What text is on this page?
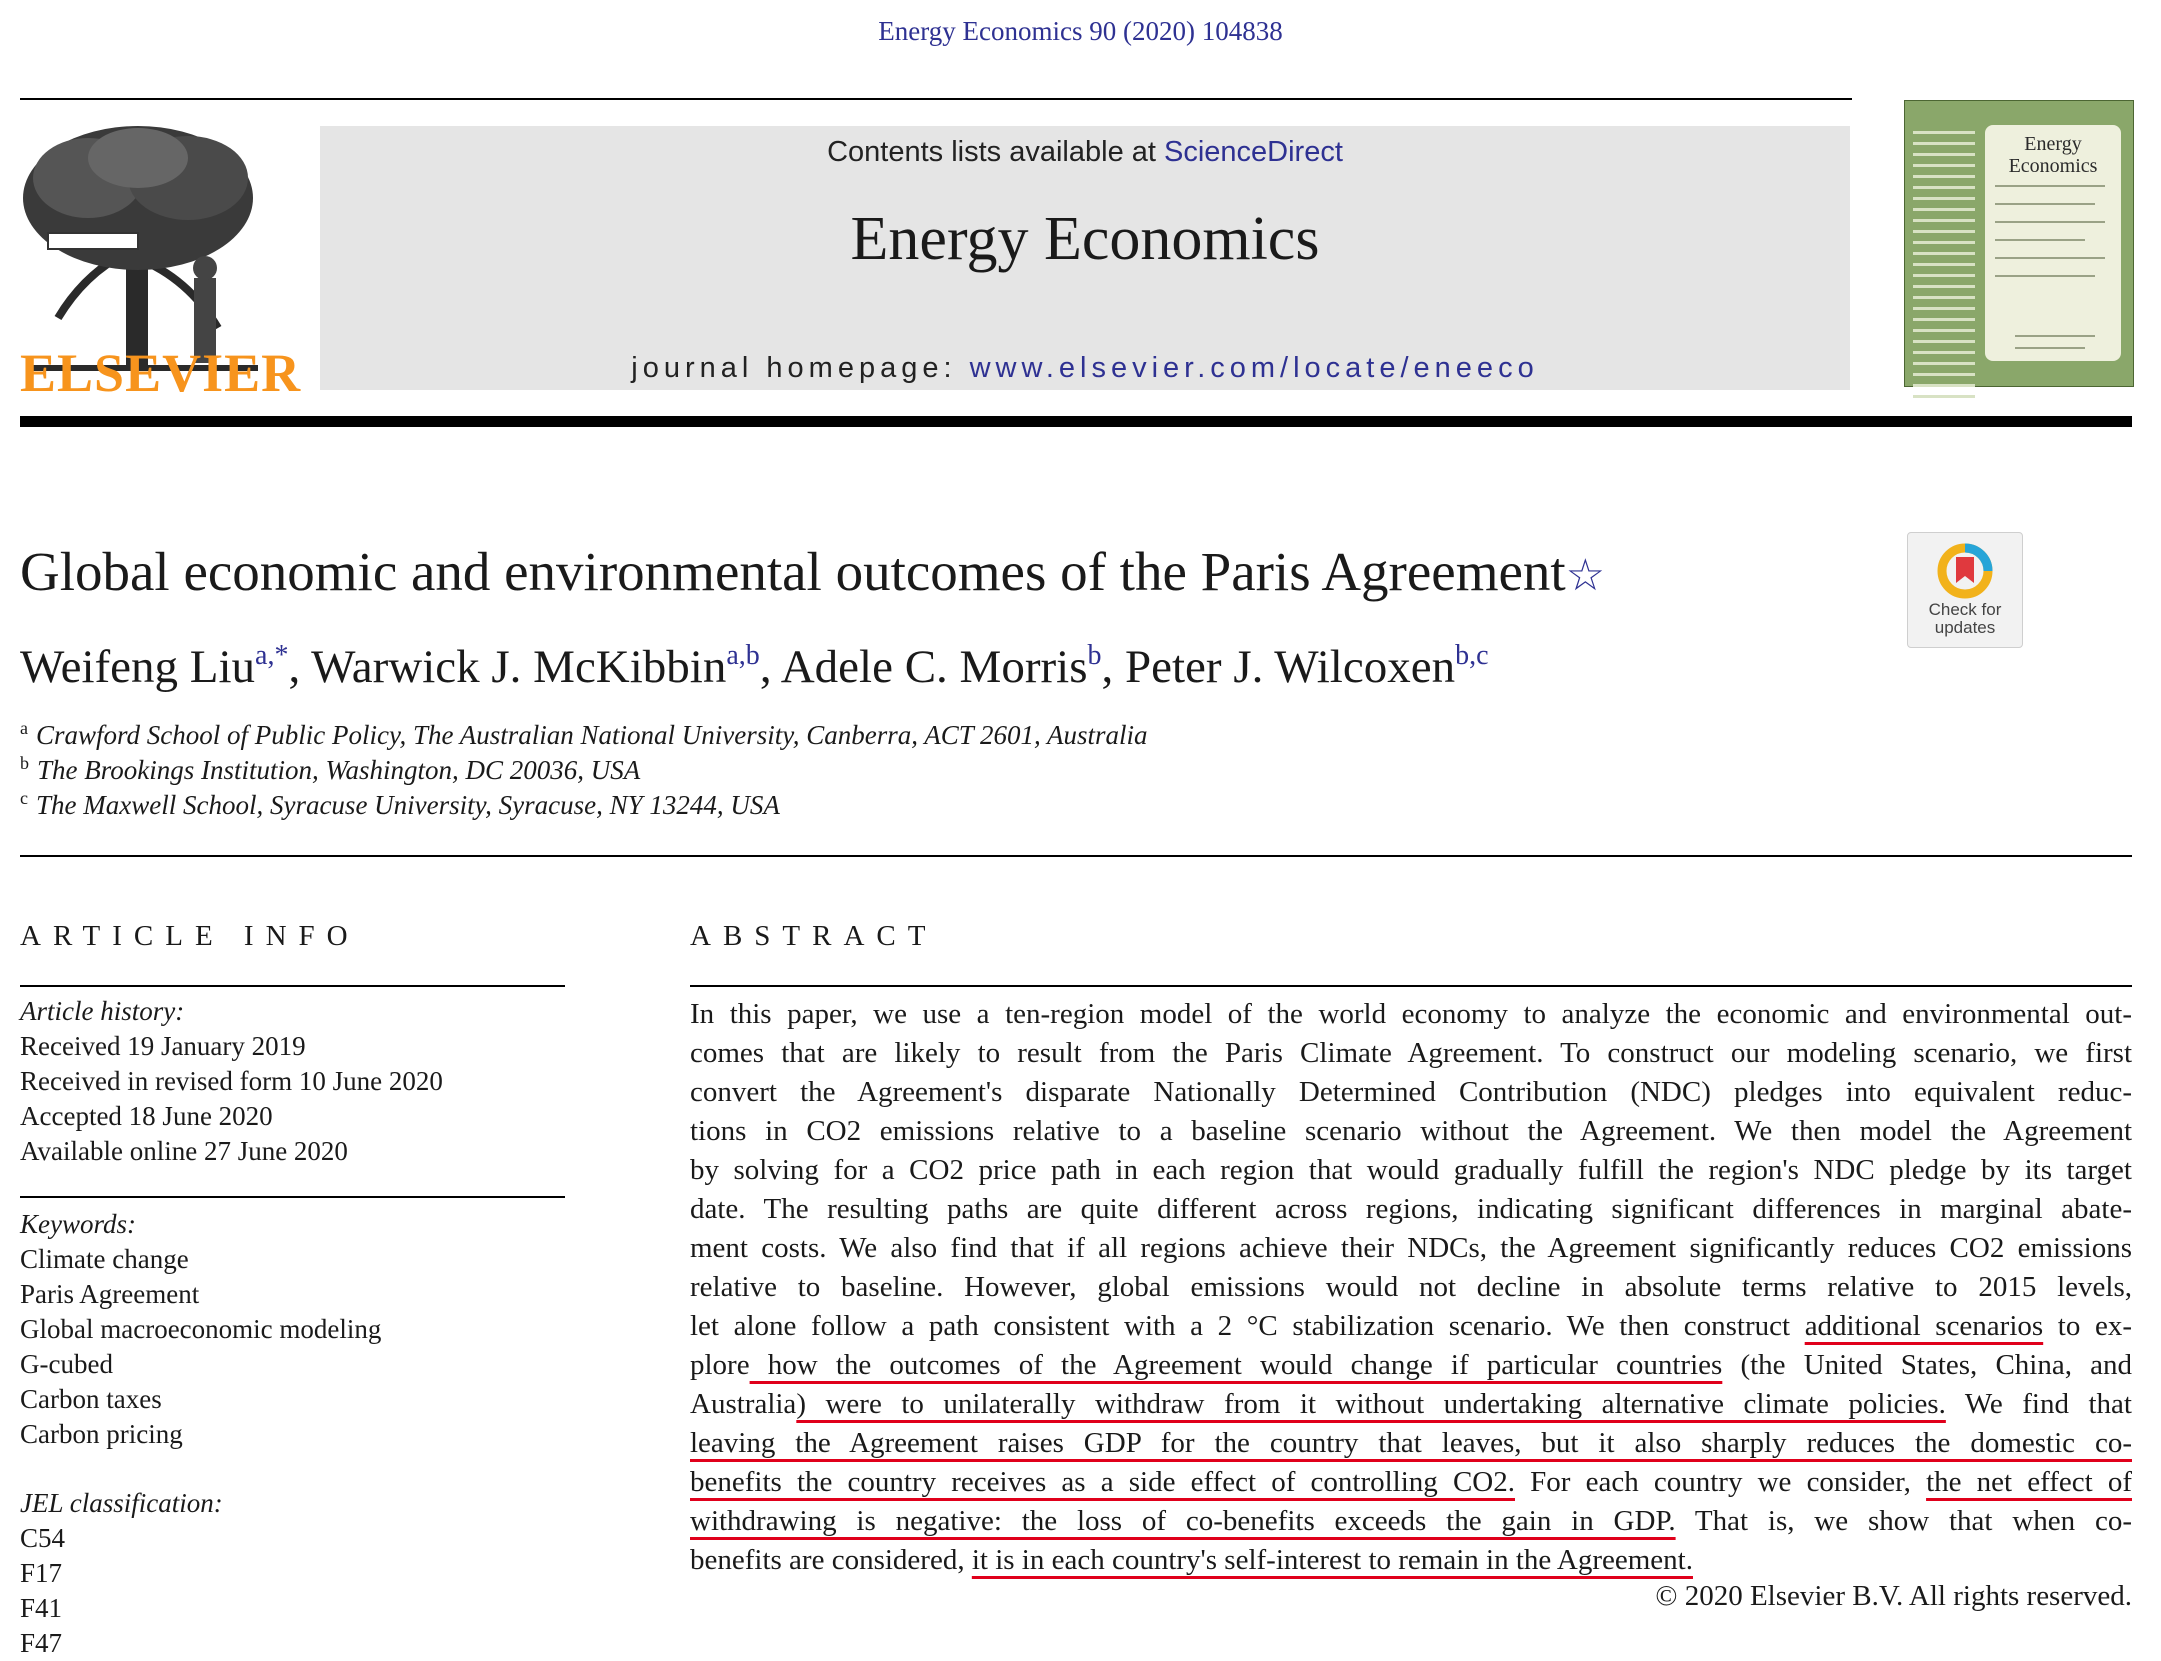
Energy Economics 90 (2020) 104838
ELSEVIER
Contents lists available at ScienceDirect
Energy Economics
journal homepage: www.elsevier.com/locate/eneeco
Energy
Economics
Global economic and environmental outcomes of the Paris Agreement☆
Check for
updates
Weifeng Liu$^{a,*}$, Warwick J. McKibbin$^{a,b}$, Adele C. Morris$^b$, Peter J. Wilcoxen$^{b,c}$
$^a$ Crawford School of Public Policy, The Australian National University, Canberra, ACT 2601, Australia
$^b$ The Brookings Institution, Washington, DC 20036, USA
$^c$ The Maxwell School, Syracuse University, Syracuse, NY 13244, USA
ARTICLE INFO	ABSTRACT
Article history:
Received 19 January 2019
Received in revised form 10 June 2020
Accepted 18 June 2020
Available online 27 June 2020
Keywords:
Climate change
Paris Agreement
Global macroeconomic modeling
G-cubed
Carbon taxes
Carbon pricing
JEL classification:
C54
F17
F41
F47
In this paper, we use a ten-region model of the world economy to analyze the economic and environmental out-
comes that are likely to result from the Paris Climate Agreement. To construct our modeling scenario, we first
convert the Agreement's disparate Nationally Determined Contribution (NDC) pledges into equivalent reduc-
tions in CO2 emissions relative to a baseline scenario without the Agreement. We then model the Agreement
by solving for a CO2 price path in each region that would gradually fulfill the region's NDC pledge by its target
date. The resulting paths are quite different across regions, indicating significant differences in marginal abate-
ment costs. We also find that if all regions achieve their NDCs, the Agreement significantly reduces CO2 emissions
relative to baseline. However, global emissions would not decline in absolute terms relative to 2015 levels,
let alone follow a path consistent with a 2 °C stabilization scenario. We then construct additional scenarios to ex-
plore how the outcomes of the Agreement would change if particular countries (the United States, China, and
Australia) were to unilaterally withdraw from it without undertaking alternative climate policies. We find that
leaving the Agreement raises GDP for the country that leaves, but it also sharply reduces the domestic co-
benefits the country receives as a side effect of controlling CO2. For each country we consider, the net effect of
withdrawing is negative: the loss of co-benefits exceeds the gain in GDP. That is, we show that when co-
benefits are considered, it is in each country's self-interest to remain in the Agreement.
© 2020 Elsevier B.V. All rights reserved.
